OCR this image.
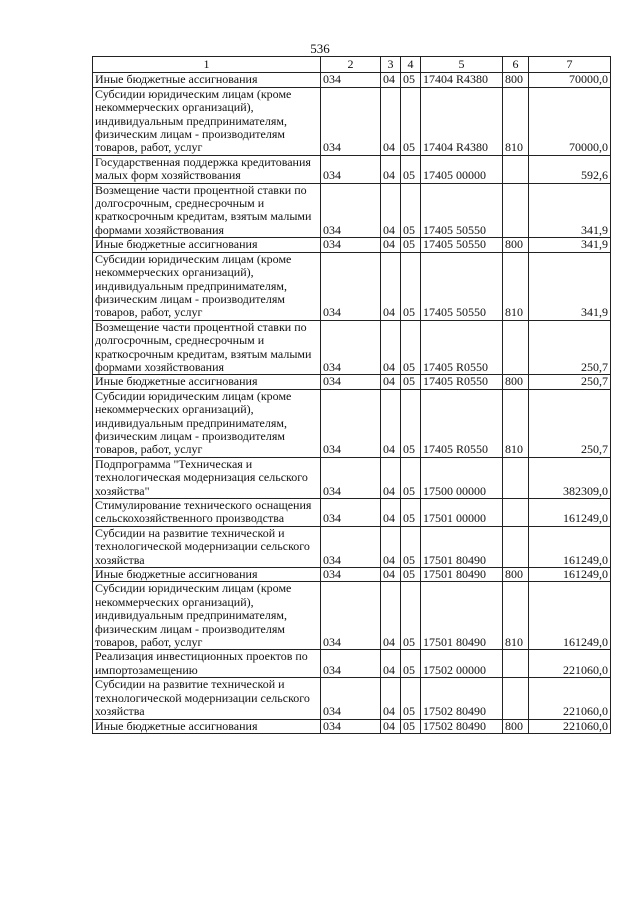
536
1	2	3	4	5	6	7
Иные бюджетные ассигнования	034	04	05	17404 R4380	800	70000,0
Субсидии юридическим лицам (кроме некоммерческих организаций), индивидуальным предпринимателям, физическим лицам - производителям товаров, работ, услуг	034	04	05	17404 R4380	810	70000,0
Государственная поддержка кредитования малых форм хозяйствования	034	04	05	17405 00000		592,6
Возмещение части процентной ставки по долгосрочным, среднесрочным и краткосрочным кредитам, взятым малыми формами хозяйствования	034	04	05	17405 50550		341,9
Иные бюджетные ассигнования	034	04	05	17405 50550	800	341,9
Субсидии юридическим лицам (кроме некоммерческих организаций), индивидуальным предпринимателям, физическим лицам - производителям товаров, работ, услуг	034	04	05	17405 50550	810	341,9
Возмещение части процентной ставки по долгосрочным, среднесрочным и краткосрочным кредитам, взятым малыми формами хозяйствования	034	04	05	17405 R0550		250,7
Иные бюджетные ассигнования	034	04	05	17405 R0550	800	250,7
Субсидии юридическим лицам (кроме некоммерческих организаций), индивидуальным предпринимателям, физическим лицам - производителям товаров, работ, услуг	034	04	05	17405 R0550	810	250,7
Подпрограмма "Техническая и технологическая модернизация сельского хозяйства"	034	04	05	17500 00000		382309,0
Стимулирование технического оснащения сельскохозяйственного производства	034	04	05	17501 00000		161249,0
Субсидии на развитие технической и технологической модернизации сельского хозяйства	034	04	05	17501 80490		161249,0
Иные бюджетные ассигнования	034	04	05	17501 80490	800	161249,0
Субсидии юридическим лицам (кроме некоммерческих организаций), индивидуальным предпринимателям, физическим лицам - производителям товаров, работ, услуг	034	04	05	17501 80490	810	161249,0
Реализация инвестиционных проектов по импортозамещению	034	04	05	17502 00000		221060,0
Субсидии на развитие технической и технологической модернизации сельского хозяйства	034	04	05	17502 80490		221060,0
Иные бюджетные ассигнования	034	04	05	17502 80490	800	221060,0
